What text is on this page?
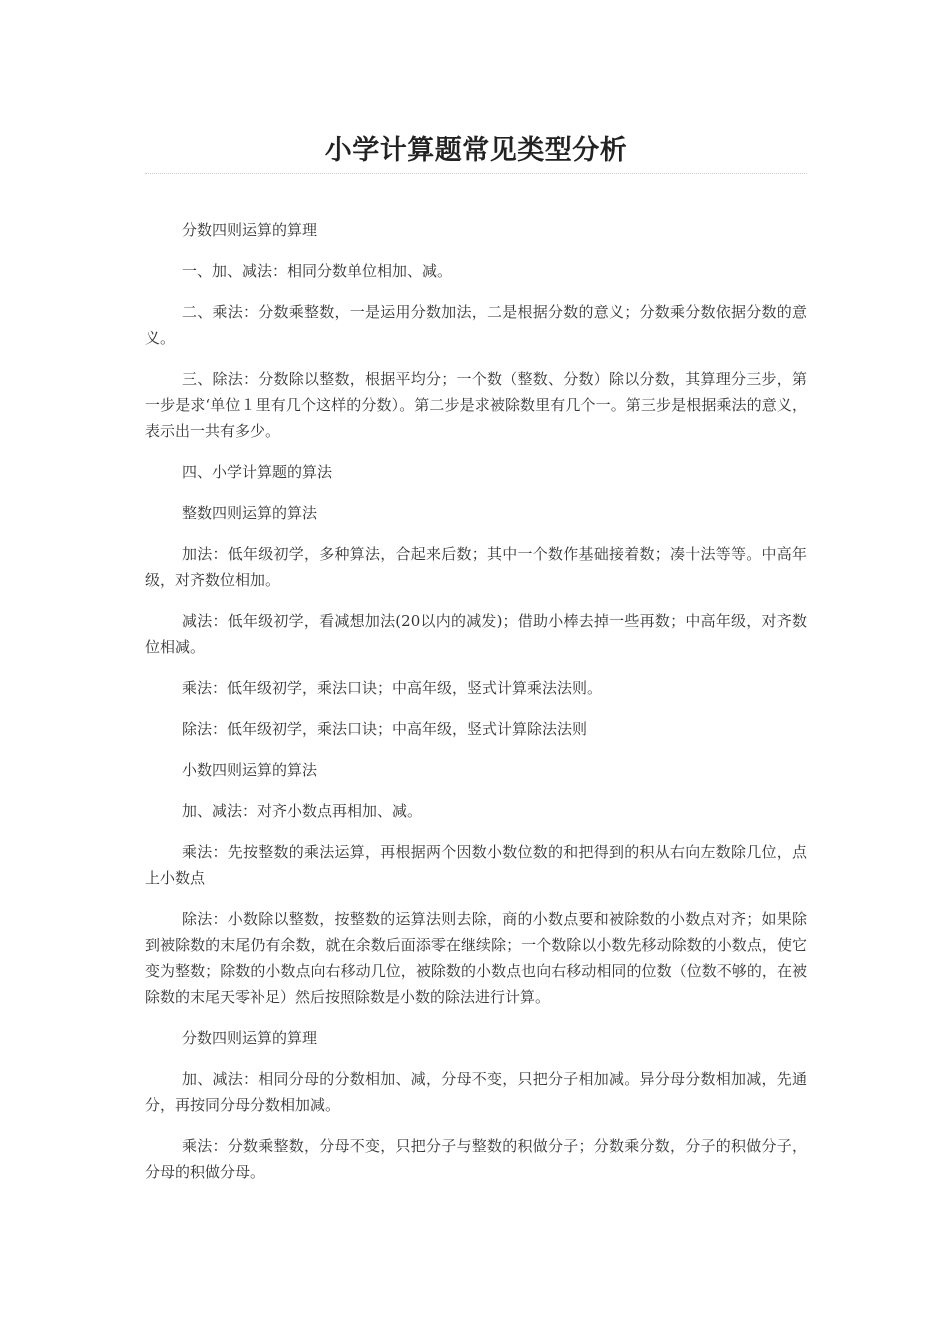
小学计算题常见类型分析

分数四则运算的算理

一、加、减法：相同分数单位相加、减。

二、乘法：分数乘整数，一是运用分数加法，二是根据分数的意义；分数乘分数依据分数的意义。

三、除法：分数除以整数，根据平均分；一个数（整数、分数）除以分数，其算理分三步，第一步是求‘单位１里有几个这样的分数）。第二步是求被除数里有几个一。第三步是根据乘法的意义，表示出一共有多少。

四、小学计算题的算法

整数四则运算的算法

加法：低年级初学，多种算法，合起来后数；其中一个数作基础接着数；凑十法等等。中高年级，对齐数位相加。

减法：低年级初学，看减想加法(20以内的减发)；借助小棒去掉一些再数；中高年级，对齐数位相减。

乘法：低年级初学，乘法口诀；中高年级，竖式计算乘法法则。

除法：低年级初学，乘法口诀；中高年级，竖式计算除法法则

小数四则运算的算法

加、减法：对齐小数点再相加、减。

乘法：先按整数的乘法运算，再根据两个因数小数位数的和把得到的积从右向左数除几位，点上小数点

除法：小数除以整数，按整数的运算法则去除，商的小数点要和被除数的小数点对齐；如果除到被除数的末尾仍有余数，就在余数后面添零在继续除；一个数除以小数先移动除数的小数点，使它变为整数；除数的小数点向右移动几位，被除数的小数点也向右移动相同的位数（位数不够的，在被除数的末尾天零补足）然后按照除数是小数的除法进行计算。

分数四则运算的算理

加、减法：相同分母的分数相加、减，分母不变，只把分子相加减。异分母分数相加减，先通分，再按同分母分数相加减。

乘法：分数乘整数，分母不变，只把分子与整数的积做分子；分数乘分数，分子的积做分子，分母的积做分母。
